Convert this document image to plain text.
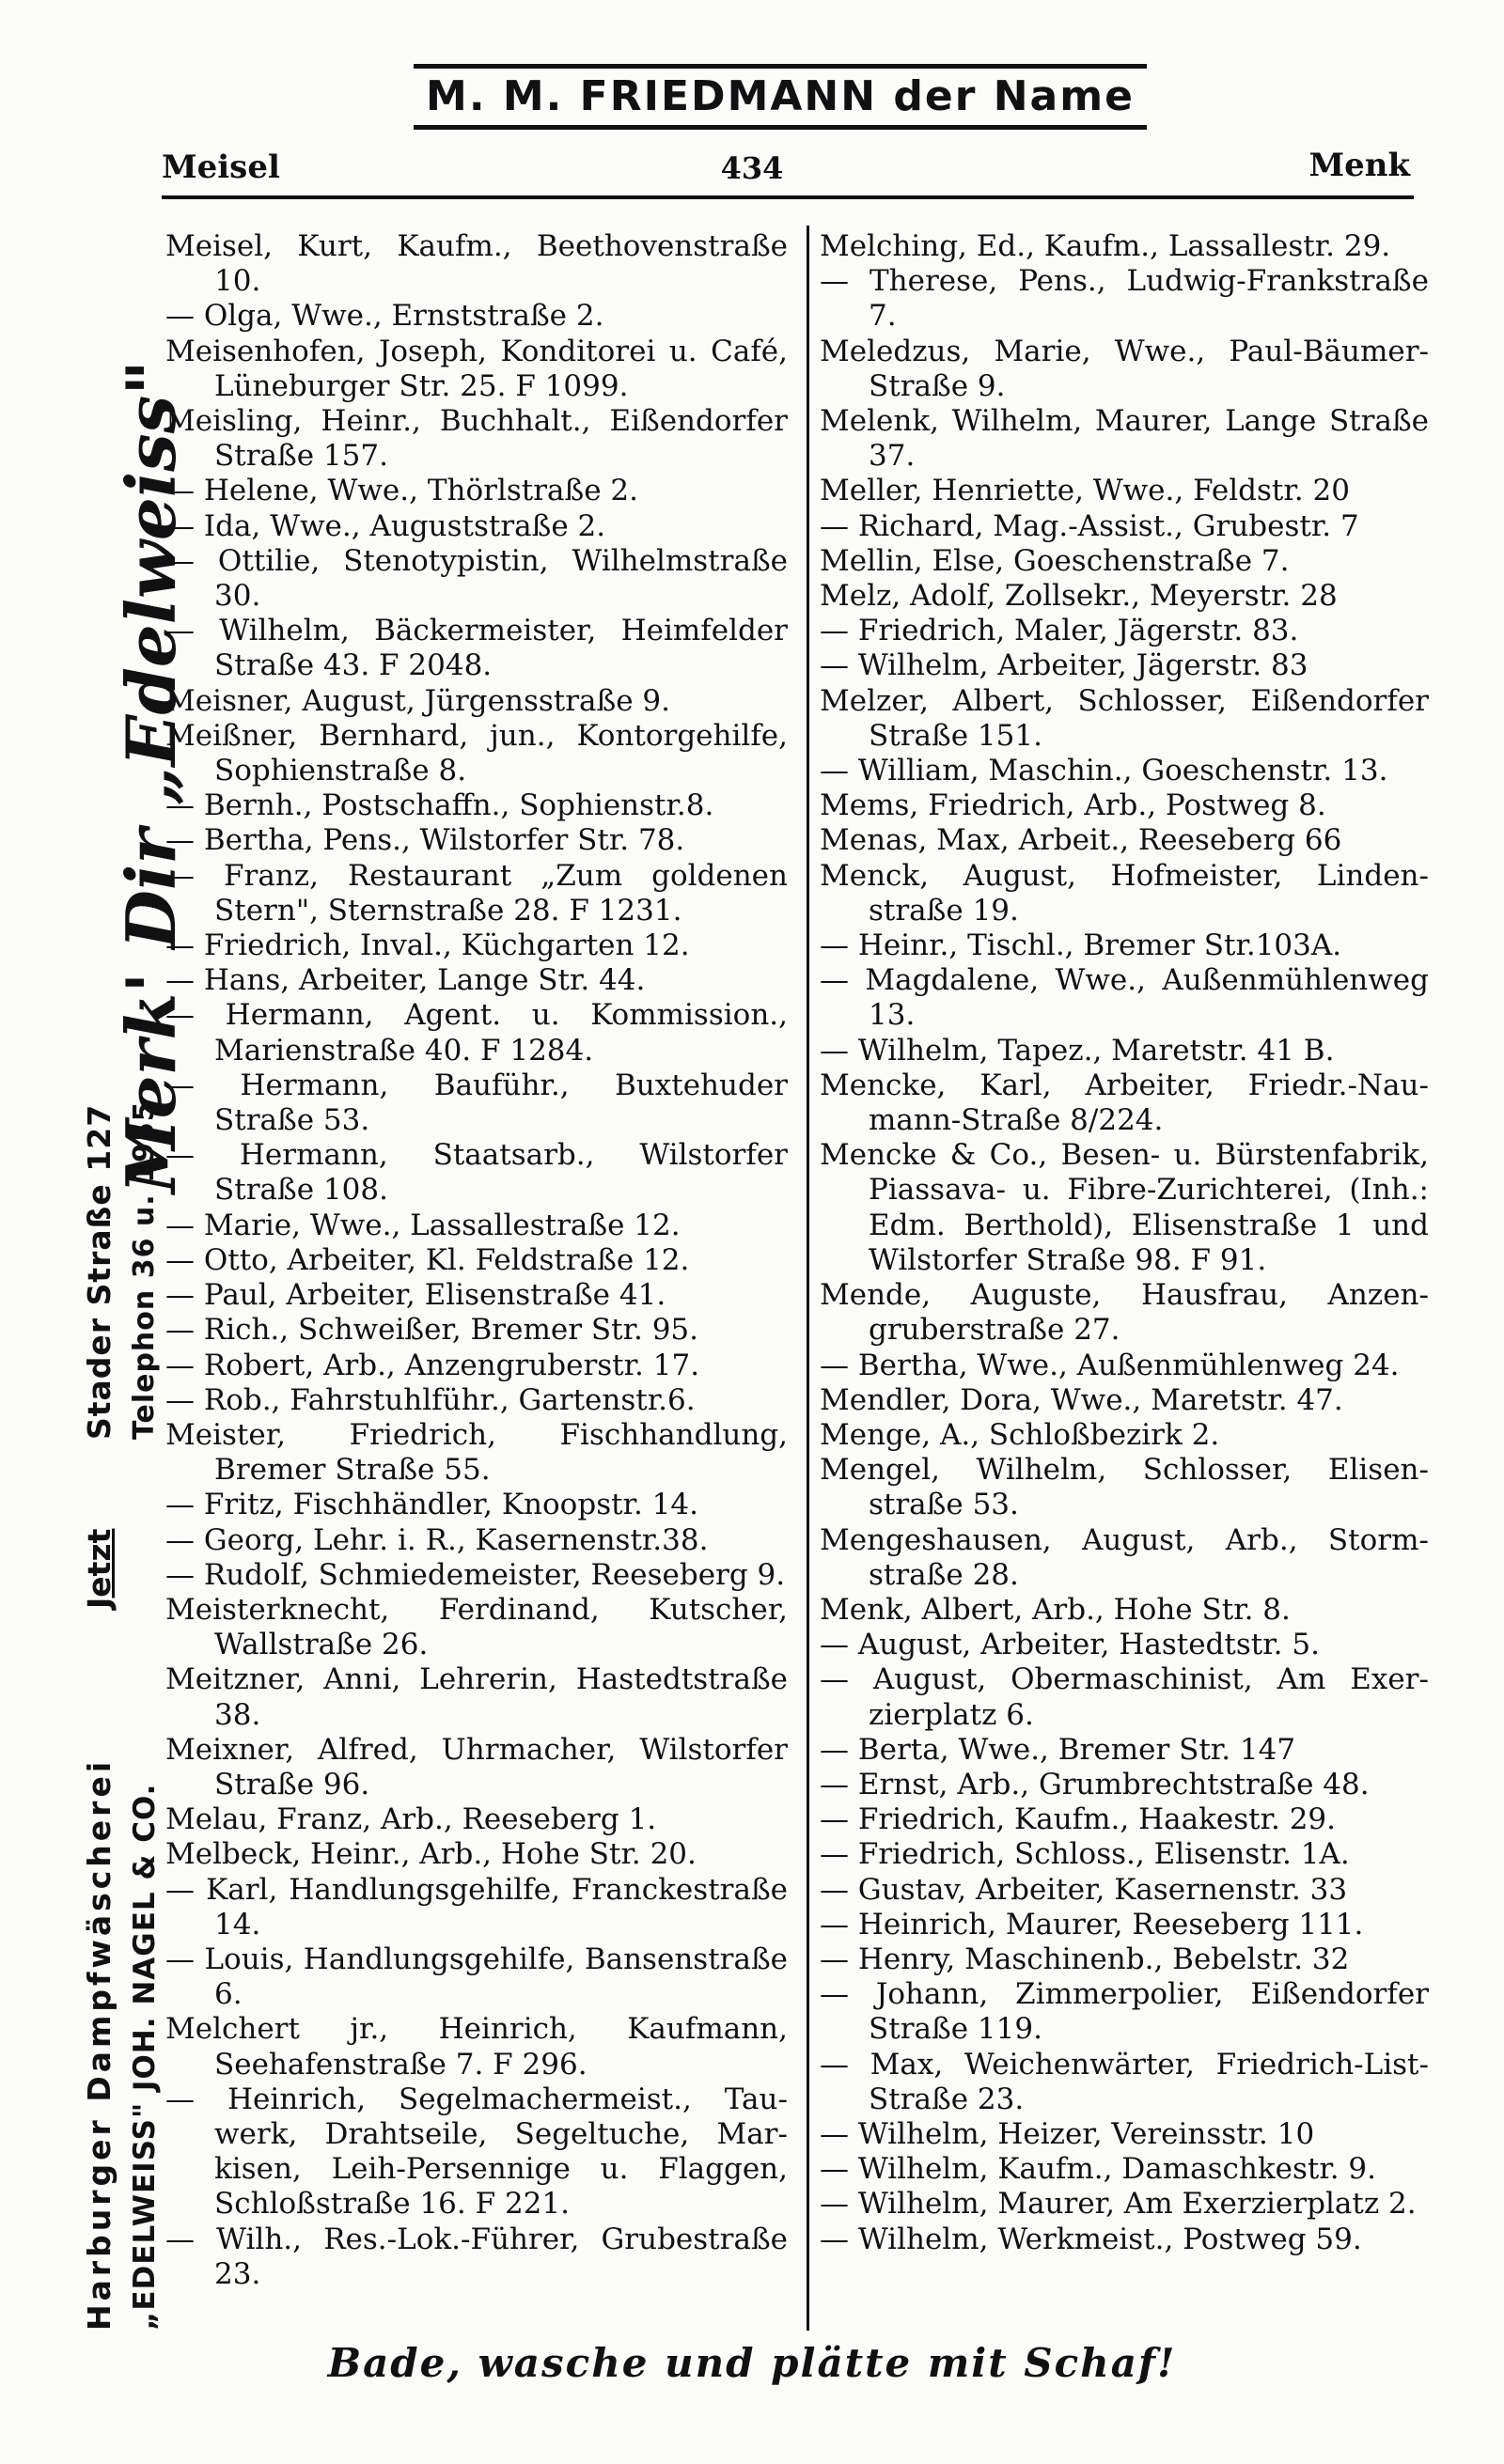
M. M. FRIEDMANN der Name
Meisel	434	Menk
Merk' Dir „Edelweiss"
Harburger Dampfwäscherei „EDELWEISS" JOH. NAGEL & CO.
Jetzt
Stader Straße 127 Telephon 36 u. 1955

Meisel, Kurt, Kaufm., Beethovenstraße 10.

— Olga, Wwe., Ernststraße 2.

Meisenhofen, Joseph, Konditorei u. Café, Lüneburger Str. 25. F 1099.

Meisling, Heinr., Buchhalt., Eißendorfer Straße 157.

— Helene, Wwe., Thörlstraße 2.

— Ida, Wwe., Auguststraße 2.

— Ottilie, Stenotypistin, Wilhelmstraße 30.

— Wilhelm, Bäckermeister, Heimfelder Straße 43. F 2048.

Meisner, August, Jürgensstraße 9.

Meißner, Bernhard, jun., Kontorgehilfe, Sophienstraße 8.

— Bernh., Postschaffn., Sophienstr.8.

— Bertha, Pens., Wilstorfer Str. 78.

— Franz, Restaurant „Zum goldenen Stern", Sternstraße 28. F 1231.

— Friedrich, Inval., Küchgarten 12.

— Hans, Arbeiter, Lange Str. 44.

— Hermann, Agent. u. Kommission., Marienstraße 40. F 1284.

— Hermann, Bauführ., Buxtehuder Straße 53.

— Hermann, Staatsarb., Wilstorfer Straße 108.

— Marie, Wwe., Lassallestraße 12.

— Otto, Arbeiter, Kl. Feldstraße 12.

— Paul, Arbeiter, Elisenstraße 41.

— Rich., Schweißer, Bremer Str. 95.

— Robert, Arb., Anzengruberstr. 17.

— Rob., Fahrstuhlführ., Gartenstr.6.

Meister, Friedrich, Fischhandlung, Bremer Straße 55.

— Fritz, Fischhändler, Knoopstr. 14.

— Georg, Lehr. i. R., Kasernenstr.38.

— Rudolf, Schmiedemeister, Reeseberg 9.

Meisterknecht, Ferdinand, Kutscher, Wallstraße 26.

Meitzner, Anni, Lehrerin, Hastedtstraße 38.

Meixner, Alfred, Uhrmacher, Wilstorfer Straße 96.

Melau, Franz, Arb., Reeseberg 1.

Melbeck, Heinr., Arb., Hohe Str. 20.

— Karl, Handlungsgehilfe, Franckestraße 14.

— Louis, Handlungsgehilfe, Bansenstraße 6.

Melchert jr., Heinrich, Kaufmann, Seehafenstraße 7. F 296.

— Heinrich, Segelmachermeist., Tauwerk, Drahtseile, Segeltuche, Markisen, Leih-Persennige u. Flaggen, Schloßstraße 16. F 221.

— Wilh., Res.-Lok.-Führer, Grubestraße 23.

Melching, Ed., Kaufm., Lassallestr. 29.

— Therese, Pens., Ludwig-Frankstraße 7.

Meledzus, Marie, Wwe., Paul-Bäumer-Straße 9.

Melenk, Wilhelm, Maurer, Lange Straße 37.

Meller, Henriette, Wwe., Feldstr. 20

— Richard, Mag.-Assist., Grubestr. 7

Mellin, Else, Goeschenstraße 7.

Melz, Adolf, Zollsekr., Meyerstr. 28

— Friedrich, Maler, Jägerstr. 83.

— Wilhelm, Arbeiter, Jägerstr. 83

Melzer, Albert, Schlosser, Eißendorfer Straße 151.

— William, Maschin., Goeschenstr. 13.

Mems, Friedrich, Arb., Postweg 8.

Menas, Max, Arbeit., Reeseberg 66

Menck, August, Hofmeister, Lindenstraße 19.

— Heinr., Tischl., Bremer Str.103A.

— Magdalene, Wwe., Außenmühlenweg 13.

— Wilhelm, Tapez., Maretstr. 41 B.

Mencke, Karl, Arbeiter, Friedr.-Naumann-Straße 8/224.

Mencke & Co., Besen- u. Bürstenfabrik, Piassava- u. Fibre-Zurichterei, (Inh.: Edm. Berthold), Elisenstraße 1 und Wilstorfer Straße 98. F 91.

Mende, Auguste, Hausfrau, Anzengruberstraße 27.

— Bertha, Wwe., Außenmühlenweg 24.

Mendler, Dora, Wwe., Maretstr. 47.

Menge, A., Schloßbezirk 2.

Mengel, Wilhelm, Schlosser, Elisenstraße 53.

Mengeshausen, August, Arb., Stormstraße 28.

Menk, Albert, Arb., Hohe Str. 8.

— August, Arbeiter, Hastedtstr. 5.

— August, Obermaschinist, Am Exerzierplatz 6.

— Berta, Wwe., Bremer Str. 147

— Ernst, Arb., Grumbrechtstraße 48.

— Friedrich, Kaufm., Haakestr. 29.

— Friedrich, Schloss., Elisenstr. 1A.

— Gustav, Arbeiter, Kasernenstr. 33

— Heinrich, Maurer, Reeseberg 111.

— Henry, Maschinenb., Bebelstr. 32

— Johann, Zimmerpolier, Eißendorfer Straße 119.

— Max, Weichenwärter, Friedrich-List-Straße 23.

— Wilhelm, Heizer, Vereinsstr. 10

— Wilhelm, Kaufm., Damaschkestr. 9.

— Wilhelm, Maurer, Am Exerzierplatz 2.

— Wilhelm, Werkmeist., Postweg 59.

Bade, wasche und plätte mit Schaf!
